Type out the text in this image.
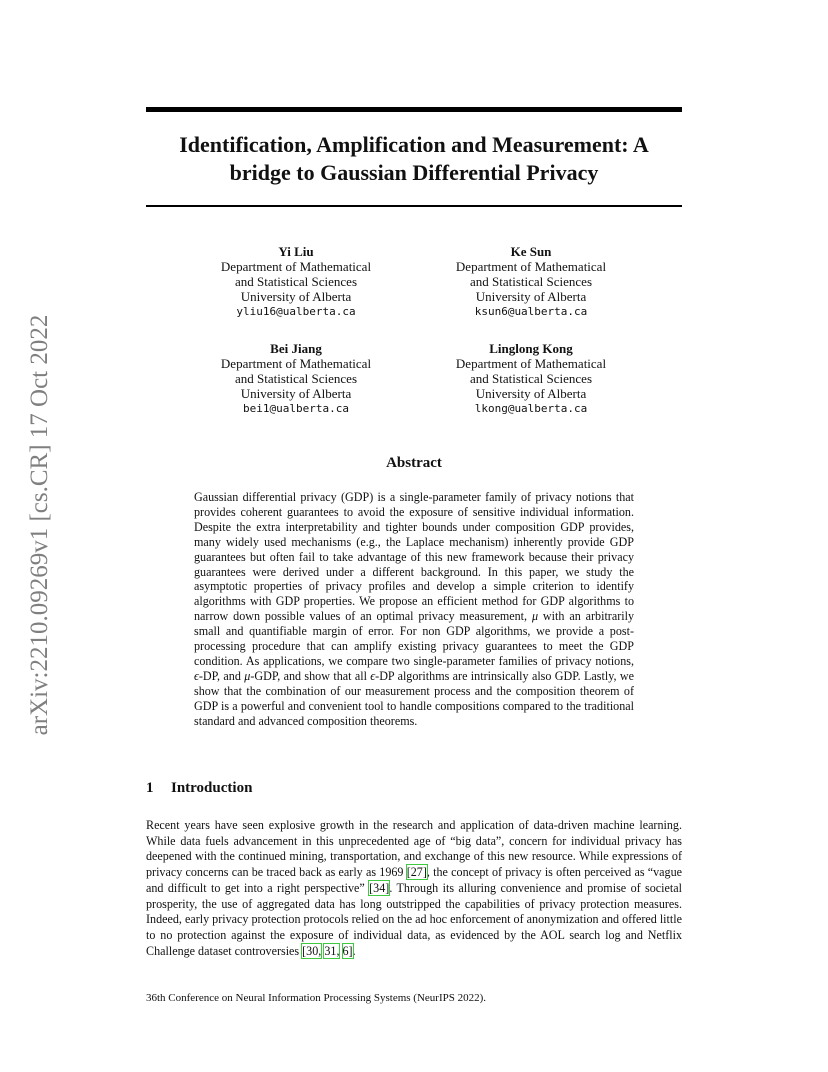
arXiv:2210.09269v1 [cs.CR] 17 Oct 2022
Identification, Amplification and Measurement: A
bridge to Gaussian Differential Privacy
Yi Liu
Department of Mathematical
and Statistical Sciences
University of Alberta
yliu16@ualberta.ca
Ke Sun
Department of Mathematical
and Statistical Sciences
University of Alberta
ksun6@ualberta.ca
Bei Jiang
Department of Mathematical
and Statistical Sciences
University of Alberta
bei1@ualberta.ca
Linglong Kong
Department of Mathematical
and Statistical Sciences
University of Alberta
lkong@ualberta.ca
Abstract
Gaussian differential privacy (GDP) is a single-parameter family of privacy notions that provides coherent guarantees to avoid the exposure of sensitive individual information. Despite the extra interpretability and tighter bounds under composition GDP provides, many widely used mechanisms (e.g., the Laplace mechanism) inherently provide GDP guarantees but often fail to take advantage of this new framework because their privacy guarantees were derived under a different background. In this paper, we study the asymptotic properties of privacy profiles and develop a simple criterion to identify algorithms with GDP properties. We propose an efficient method for GDP algorithms to narrow down possible values of an optimal privacy measurement, μ with an arbitrarily small and quantifiable margin of error. For non GDP algorithms, we provide a post-processing procedure that can amplify existing privacy guarantees to meet the GDP condition. As applications, we compare two single-parameter families of privacy notions, ϵ-DP, and μ-GDP, and show that all ϵ-DP algorithms are intrinsically also GDP. Lastly, we show that the combination of our measurement process and the composition theorem of GDP is a powerful and convenient tool to handle compositions compared to the traditional standard and advanced composition theorems.
1 Introduction
Recent years have seen explosive growth in the research and application of data-driven machine learning. While data fuels advancement in this unprecedented age of “big data”, concern for individual privacy has deepened with the continued mining, transportation, and exchange of this new resource. While expressions of privacy concerns can be traced back as early as 1969 [27], the concept of privacy is often perceived as “vague and difficult to get into a right perspective” [34]. Through its alluring convenience and promise of societal prosperity, the use of aggregated data has long outstripped the capabilities of privacy protection measures. Indeed, early privacy protection protocols relied on the ad hoc enforcement of anonymization and offered little to no protection against the exposure of individual data, as evidenced by the AOL search log and Netflix Challenge dataset controversies [30, 31, 6].
36th Conference on Neural Information Processing Systems (NeurIPS 2022).
